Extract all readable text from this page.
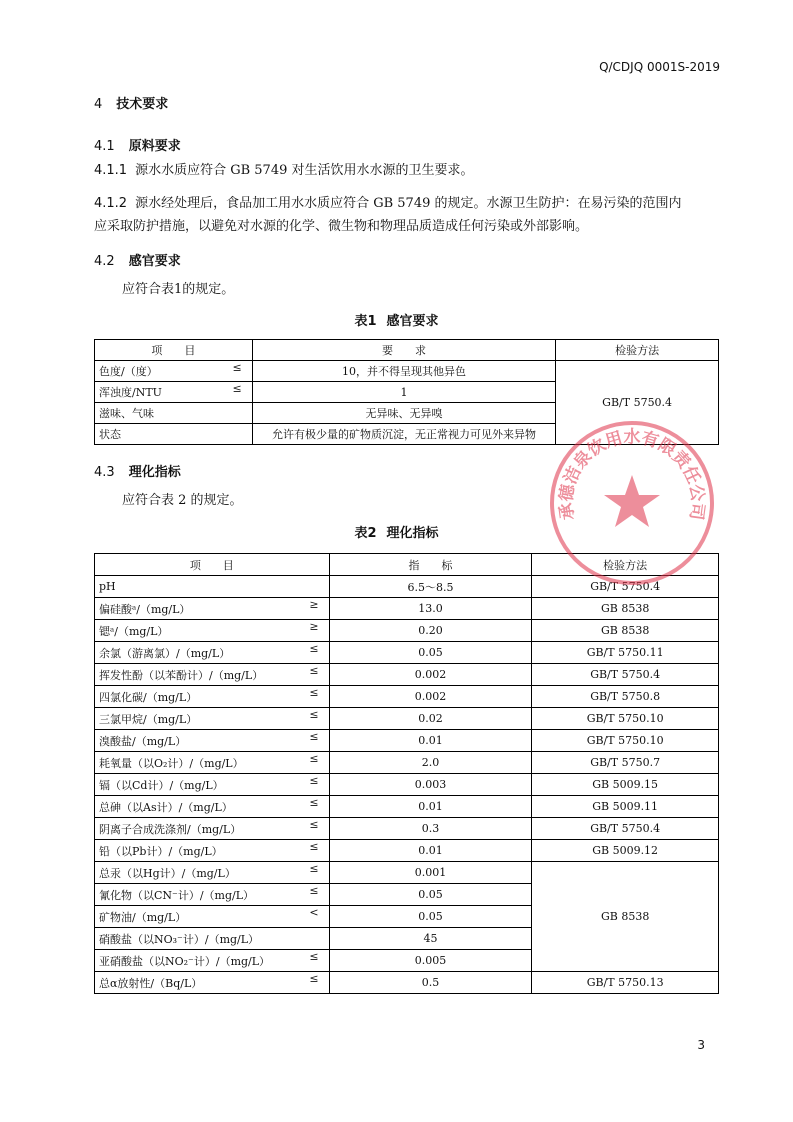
Q/CDJQ 0001S-2019
4 技术要求
4.1 原料要求
4.1.1 源水水质应符合 GB 5749 对生活饮用水水源的卫生要求。
4.1.2 源水经处理后，食品加工用水水质应符合 GB 5749 的规定。水源卫生防护：在易污染的范围内
应采取防护措施，以避免对水源的化学、微生物和物理品质造成任何污染或外部影响。
4.2 感官要求
应符合表1的规定。
表1 感官要求
项　　目	要　　求	检验方法
色度/（度） ≤	10，并不得呈现其他异色	GB/T 5750.4
浑浊度/NTU ≤	1	
滋味、气味	无异味、无异嗅	
状态	允许有极少量的矿物质沉淀，无正常视力可见外来异物	
4.3 理化指标
应符合表 2 的规定。
表2 理化指标
项　　目	指　　标	检验方法
pH	6.5～8.5	GB/T 5750.4
偏硅酸ᵃ/（mg/L） ≥	13.0	GB 8538
锶ᵃ/（mg/L） ≥	0.20	GB 8538
余氯（游离氯）/（mg/L） ≤	0.05	GB/T 5750.11
挥发性酚（以苯酚计）/（mg/L） ≤	0.002	GB/T 5750.4
四氯化碳/（mg/L） ≤	0.002	GB/T 5750.8
三氯甲烷/（mg/L） ≤	0.02	GB/T 5750.10
溴酸盐/（mg/L） ≤	0.01	GB/T 5750.10
耗氧量（以O₂计）/（mg/L） ≤	2.0	GB/T 5750.7
镉（以Cd计）/（mg/L） ≤	0.003	GB 5009.15
总砷（以As计）/（mg/L） ≤	0.01	GB 5009.11
阴离子合成洗涤剂/（mg/L） ≤	0.3	GB/T 5750.4
铅（以Pb计）/（mg/L） ≤	0.01	GB 5009.12
总汞（以Hg计）/（mg/L） ≤	0.001	GB 8538
氰化物（以CN⁻计）/（mg/L） ≤	0.05	
矿物油/（mg/L） <	0.05	
硝酸盐（以NO₃⁻计）/（mg/L）	45	
亚硝酸盐（以NO₂⁻计）/（mg/L） ≤	0.005	
总α放射性/（Bq/L） ≤	0.5	GB/T 5750.13
承德洁泉饮用水有限责任公司
3
